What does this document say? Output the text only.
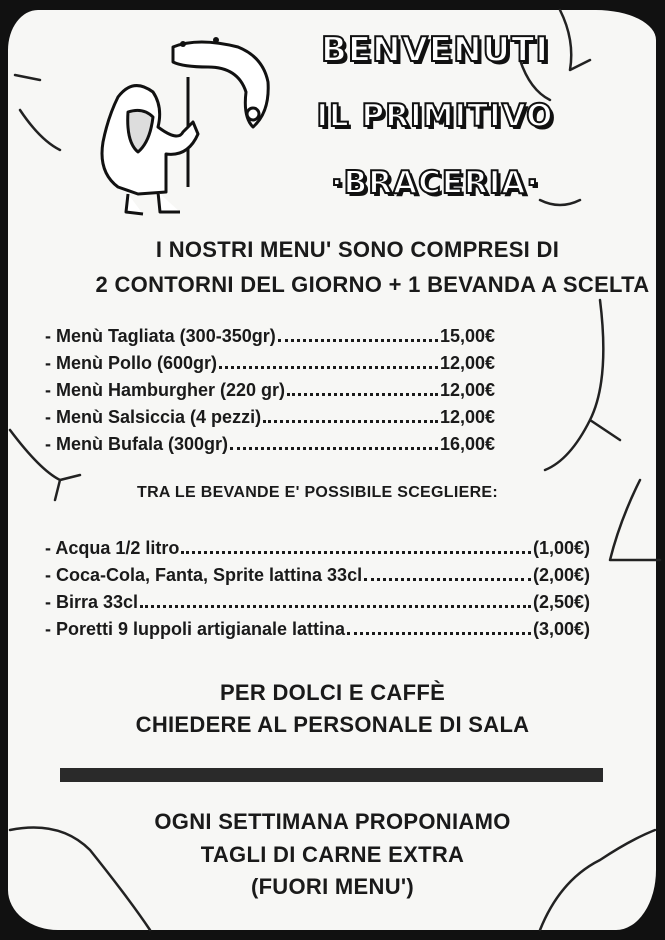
BENVENUTI
IL PRIMITIVO
·BRACERIA·
I NOSTRI MENU' SONO COMPRESI DI
2 CONTORNI DEL GIORNO + 1 BEVANDA A SCELTA
- Menù Tagliata (300-350gr)	15,00€
- Menù Pollo (600gr)	12,00€
- Menù Hamburgher (220 gr)	12,00€
- Menù Salsiccia (4 pezzi)	12,00€
- Menù Bufala (300gr)	16,00€
TRA LE BEVANDE E' POSSIBILE SCEGLIERE:
- Acqua 1/2 litro	(1,00€)
- Coca-Cola, Fanta, Sprite lattina 33cl	(2,00€)
- Birra 33cl	(2,50€)
- Poretti 9 luppoli artigianale lattina	(3,00€)
PER DOLCI E CAFFÈ
CHIEDERE AL PERSONALE DI SALA
OGNI SETTIMANA PROPONIAMO
TAGLI DI CARNE EXTRA
(FUORI MENU')
